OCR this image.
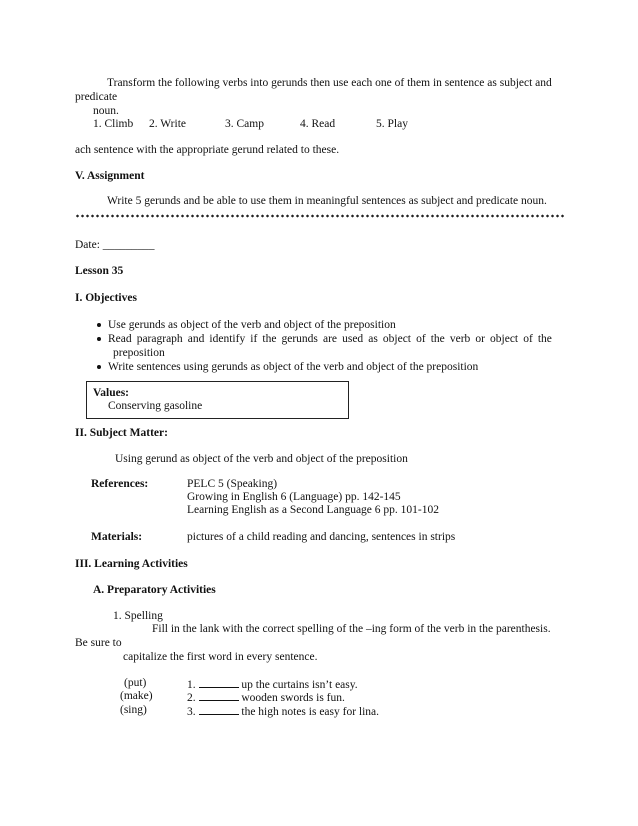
Transform the following verbs into gerunds then use each one of them in sentence as subject and
predicate
noun.
1. Climb 2. Write	3. Camp	4. Read	5. Play
ach sentence with the appropriate gerund related to these.
V. Assignment
Write 5 gerunds and be able to use them in meaningful sentences as subject and predicate noun.
Date: _________
Lesson 35
I. Objectives
Use gerunds as object of the verb and object of the preposition
Read paragraph and identify if the gerunds are used as object of the verb or object of the
preposition
Write sentences using gerunds as object of the verb and object of the preposition
Values:
Conserving gasoline
II. Subject Matter:
Using gerund as object of the verb and object of the preposition
References:	PELC 5 (Speaking)
Growing in English 6 (Language) pp. 142-145
Learning English as a Second Language 6 pp. 101-102
Materials:	pictures of a child reading and dancing, sentences in strips
III. Learning Activities
A. Preparatory Activities
1. Spelling
Fill in the lank with the correct spelling of the –ing form of the verb in the parenthesis.
Be sure to
capitalize the first word in every sentence.
(put)	1.	up the curtains isn’t easy.
(make)	2.	wooden swords is fun.
(sing)	3.	the high notes is easy for lina.
